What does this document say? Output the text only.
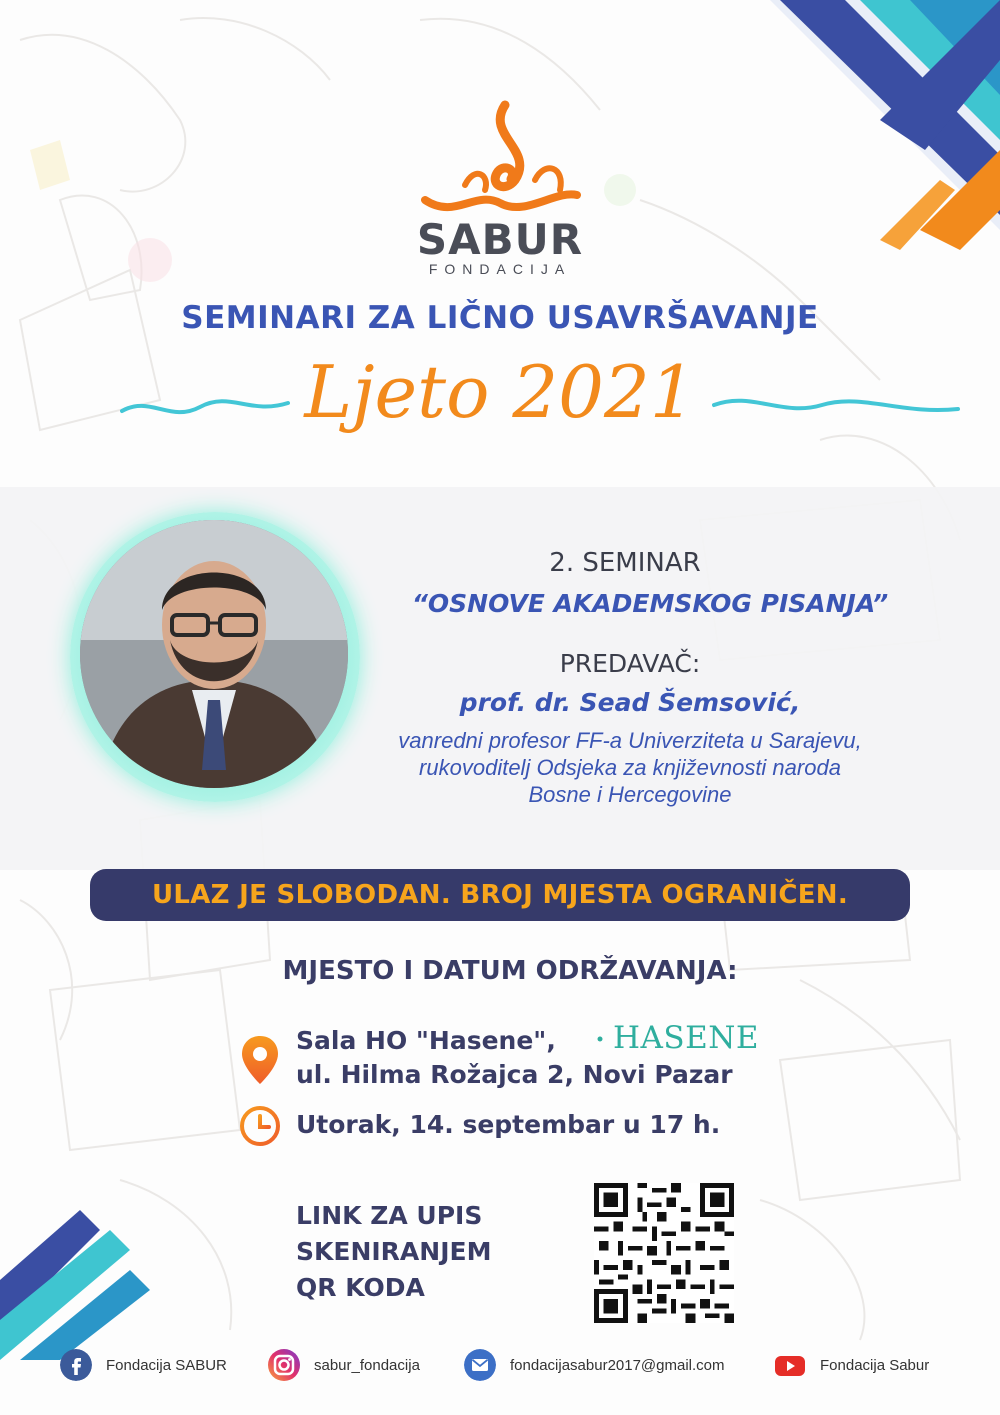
SABUR
FONDACIJA
SEMINARI ZA LIČNO USAVRŠAVANJE
Ljeto 2021
2. SEMINAR
“OSNOVE AKADEMSKOG PISANJA”
PREDAVAČ:
prof. dr. Sead Šemsović,
vanredni profesor FF-a Univerziteta u Sarajevu,
rukovoditelj Odsjeka za književnosti naroda
Bosne i Hercegovine
ULAZ JE SLOBODAN. BROJ MJESTA OGRANIČEN.
MJESTO I DATUM ODRŽAVANJA:
Sala HO "Hasene",	HASENE
ul. Hilma Rožajca 2, Novi Pazar
Utorak, 14. septembar u 17 h.
LINK ZA UPIS
SKENIRANJEM
QR KODA
Fondacija SABUR	sabur_fondacija	fondacijasabur2017@gmail.com	Fondacija Sabur
